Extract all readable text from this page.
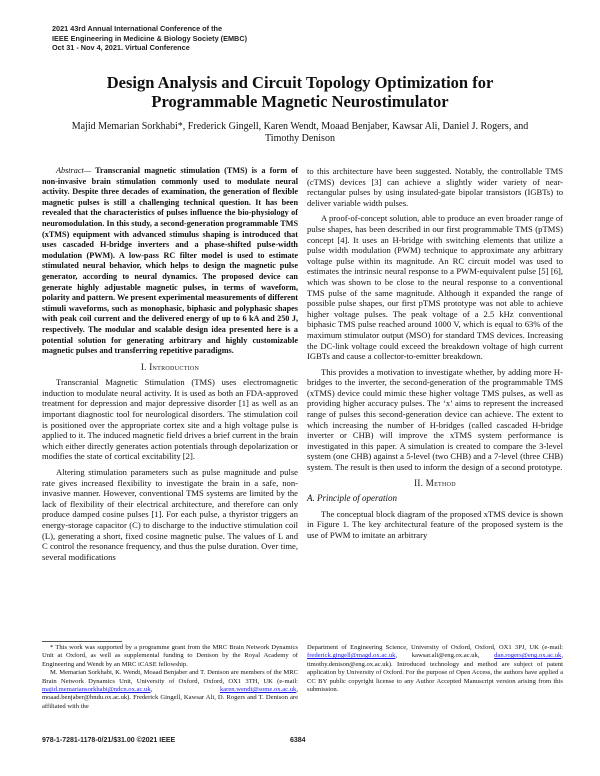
2021 43rd Annual International Conference of the
IEEE Engineering in Medicine & Biology Society (EMBC)
Oct 31 - Nov 4, 2021. Virtual Conference
Design Analysis and Circuit Topology Optimization for Programmable Magnetic Neurostimulator
Majid Memarian Sorkhabi*, Frederick Gingell, Karen Wendt, Moaad Benjaber, Kawsar Ali, Daniel J. Rogers, and Timothy Denison

Abstract— Transcranial magnetic stimulation (TMS) is a form of non-invasive brain stimulation commonly used to modulate neural activity. Despite three decades of examination, the generation of flexible magnetic pulses is still a challenging technical question. It has been revealed that the characteristics of pulses influence the bio-physiology of neuromodulation. In this study, a second-generation programmable TMS (xTMS) equipment with advanced stimulus shaping is introduced that uses cascaded H-bridge inverters and a phase-shifted pulse-width modulation (PWM). A low-pass RC filter model is used to estimate stimulated neural behavior, which helps to design the magnetic pulse generator, according to neural dynamics. The proposed device can generate highly adjustable magnetic pulses, in terms of waveform, polarity and pattern. We present experimental measurements of different stimuli waveforms, such as monophasic, biphasic and polyphasic shapes with peak coil current and the delivered energy of up to 6 kA and 250 J, respectively. The modular and scalable design idea presented here is a potential solution for generating arbitrary and highly customizable magnetic pulses and transferring repetitive paradigms.

I. Introduction

Transcranial Magnetic Stimulation (TMS) uses electromagnetic induction to modulate neural activity. It is used as both an FDA-approved treatment for depression and major depressive disorder [1] as well as an important diagnostic tool for neurological disorders. The stimulation coil is positioned over the appropriate cortex site and a high voltage pulse is applied to it. The induced magnetic field drives a brief current in the brain which either directly generates action potentials through depolarization or modifies the state of cortical excitability [2].

Altering stimulation parameters such as pulse magnitude and pulse rate gives increased flexibility to investigate the brain in a safe, non-invasive manner. However, conventional TMS systems are limited by the lack of flexibility of their electrical architecture, and therefore can only produce damped cosine pulses [1]. For each pulse, a thyristor triggers an energy-storage capacitor (C) to discharge to the inductive stimulation coil (L), generating a short, fixed cosine magnetic pulse. The values of L and C control the resonance frequency, and thus the pulse duration. Over time, several modifications

to this architecture have been suggested. Notably, the controllable TMS (cTMS) devices [3] can achieve a slightly wider variety of near-rectangular pulses by using insulated-gate bipolar transistors (IGBTs) to deliver variable width pulses.

A proof-of-concept solution, able to produce an even broader range of pulse shapes, has been described in our first programmable TMS (pTMS) concept [4]. It uses an H-bridge with switching elements that utilize a pulse width modulation (PWM) technique to approximate any arbitrary voltage pulse within its magnitude. An RC circuit model was used to estimates the intrinsic neural response to a PWM-equivalent pulse [5] [6], which was shown to be close to the neural response to a conventional TMS pulse of the same magnitude. Although it expanded the range of possible pulse shapes, our first pTMS prototype was not able to achieve higher voltage pulses. The peak voltage of a 2.5 kHz conventional biphasic TMS pulse reached around 1000 V, which is equal to 63% of the maximum stimulator output (MSO) for standard TMS devices. Increasing the DC-link voltage could exceed the breakdown voltage of high current IGBTs and cause a collector-to-emitter breakdown.

This provides a motivation to investigate whether, by adding more H-bridges to the inverter, the second-generation of the programmable TMS (xTMS) device could mimic these higher voltage TMS pulses, as well as providing higher accuracy pulses. The ‘x’ aims to represent the increased range of pulses this second-generation device can achieve. The extent to which increasing the number of H-bridges (called cascaded H-bridge inverter or CHB) will improve the xTMS system performance is investigated in this paper. A simulation is created to compare the 3-level system (one CHB) against a 5-level (two CHB) and a 7-level (three CHB) system. The result is then used to inform the design of a second prototype.

II. Method

A. Principle of operation

The conceptual block diagram of the proposed xTMS device is shown in Figure 1. The key architectural feature of the proposed system is the use of PWM to imitate an arbitrary

* This work was supported by a programme grant from the MRC Brain Network Dynamics Unit at Oxford, as well as supplemental funding to Denison by the Royal Academy of Engineering and Wendt by an MRC iCASE fellowship.

M. Memarian Sorkhabi, K. Wendt, Moaad Benjaber and T. Denison are members of the MRC Brain Network Dynamics Unit, University of Oxford, Oxford, OX1 3TH, UK (e-mail: majid.memariansorkhabi@ndcn.ox.ac.uk, karen.wendt@some.ox.ac.uk, moaad.benjaber@bndu.ox.ac.uk). Frederick Gingell, Kawsar Ali, D. Rogers and T. Denison are affiliated with the

Department of Engineering Science, University of Oxford, Oxford, OX1 3PJ, UK (e-mail: frederick.gingell@magd.ox.ac.uk, kawsar.ali@eng.ox.ac.uk, dan.rogers@eng.ox.ac.uk, timothy.denison@eng.ox.ac.uk). Introduced technology and method are subject of patent application by University of Oxford. For the purpose of Open Access, the authors have applied a CC BY public copyright license to any Author Accepted Manuscript version arising from this submission.

978-1-7281-1178-0/21/$31.00 ©2021 IEEE	6384
